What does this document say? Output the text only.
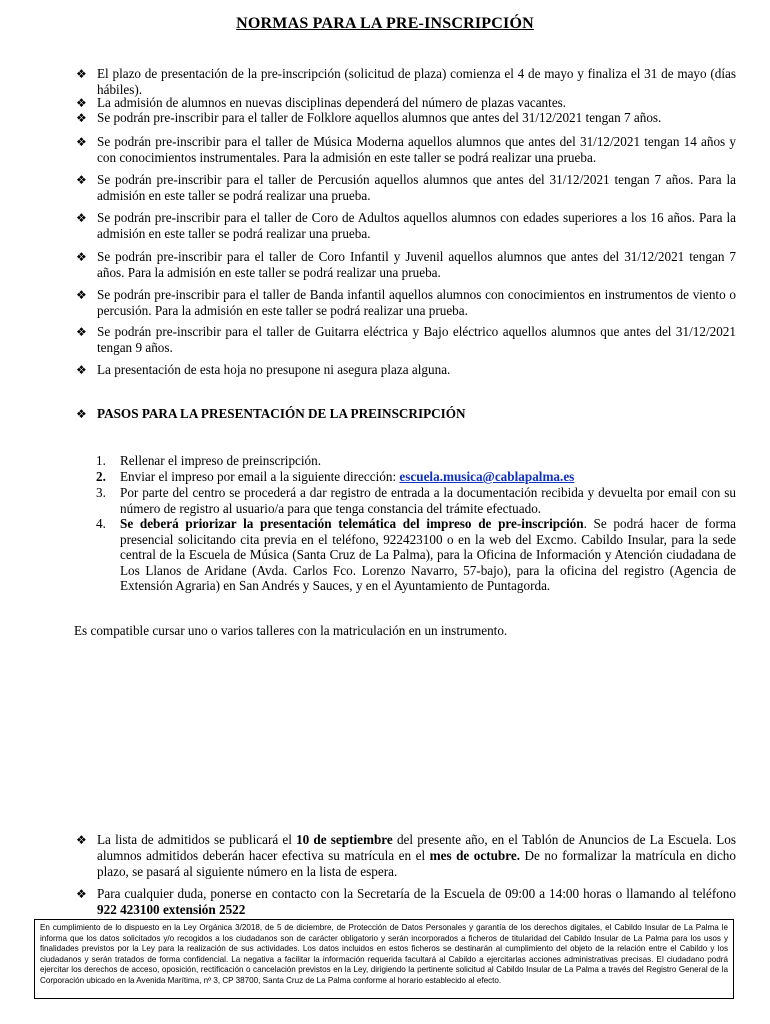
NORMAS PARA LA PRE-INSCRIPCIÓN
❖ El plazo de presentación de la pre-inscripción (solicitud de plaza) comienza el 4 de mayo y finaliza el 31 de mayo (días hábiles).
❖ La admisión de alumnos en nuevas disciplinas dependerá del número de plazas vacantes.
❖ Se podrán pre-inscribir para el taller de Folklore aquellos alumnos que antes del 31/12/2021 tengan 7 años.
❖ Se podrán pre-inscribir para el taller de Música Moderna aquellos alumnos que antes del 31/12/2021 tengan 14 años y con conocimientos instrumentales. Para la admisión en este taller se podrá realizar una prueba.
❖ Se podrán pre-inscribir para el taller de Percusión aquellos alumnos que antes del 31/12/2021 tengan 7 años. Para la admisión en este taller se podrá realizar una prueba.
❖ Se podrán pre-inscribir para el taller de Coro de Adultos aquellos alumnos con edades superiores a los 16 años. Para la admisión en este taller se podrá realizar una prueba.
❖ Se podrán pre-inscribir para el taller de Coro Infantil y Juvenil aquellos alumnos que antes del 31/12/2021 tengan 7 años. Para la admisión en este taller se podrá realizar una prueba.
❖ Se podrán pre-inscribir para el taller de Banda infantil aquellos alumnos con conocimientos en instrumentos de viento o percusión. Para la admisión en este taller se podrá realizar una prueba.
❖ Se podrán pre-inscribir para el taller de Guitarra eléctrica y Bajo eléctrico aquellos alumnos que antes del 31/12/2021 tengan 9 años.
❖ La presentación de esta hoja no presupone ni asegura plaza alguna.
❖ PASOS PARA LA PRESENTACIÓN DE LA PREINSCRIPCIÓN
1.	Rellenar el impreso de preinscripción.
2.	Enviar el impreso por email a la siguiente dirección: escuela.musica@cablapalma.es
3.	Por parte del centro se procederá a dar registro de entrada a la documentación recibida y devuelta por email con su número de registro al usuario/a para que tenga constancia del trámite efectuado.
4.	Se deberá priorizar la presentación telemática del impreso de pre-inscripción. Se podrá hacer de forma presencial solicitando cita previa en el teléfono, 922423100 o en la web del Excmo. Cabildo Insular, para la sede central de la Escuela de Música (Santa Cruz de La Palma), para la Oficina de Información y Atención ciudadana de Los Llanos de Aridane (Avda. Carlos Fco. Lorenzo Navarro, 57-bajo), para la oficina del registro (Agencia de Extensión Agraria) en San Andrés y Sauces, y en el Ayuntamiento de Puntagorda.
Es compatible cursar uno o varios talleres con la matriculación en un instrumento.
❖ La lista de admitidos se publicará el 10 de septiembre del presente año, en el Tablón de Anuncios de La Escuela. Los alumnos admitidos deberán hacer efectiva su matrícula en el mes de octubre. De no formalizar la matrícula en dicho plazo, se pasará al siguiente número en la lista de espera.
❖ Para cualquier duda, ponerse en contacto con la Secretaría de la Escuela de 09:00 a 14:00 horas o llamando al teléfono 922 423100 extensión 2522
En cumplimiento de lo dispuesto en la Ley Orgánica 3/2018, de 5 de diciembre, de Protección de Datos Personales y garantía de los derechos digitales, el Cabildo Insular de La Palma le informa que los datos solicitados y/o recogidos a los ciudadanos son de carácter obligatorio y serán incorporados a ficheros de titularidad del Cabildo Insular de La Palma para los usos y finalidades previstos por la Ley para la realización de sus actividades. Los datos incluidos en estos ficheros se destinarán al cumplimiento del objeto de la relación entre el Cabildo y los ciudadanos y serán tratados de forma confidencial. La negativa a facilitar la información requerida facultará al Cabildo a ejercitarlas acciones administrativas precisas. El ciudadano podrá ejercitar los derechos de acceso, oposición, rectificación o cancelación previstos en la Ley, dirigiendo la pertinente solicitud al Cabildo Insular de La Palma a través del Registro General de la Corporación ubicado en la Avenida Marítima, nº 3, CP 38700, Santa Cruz de La Palma conforme al horario establecido al efecto.
